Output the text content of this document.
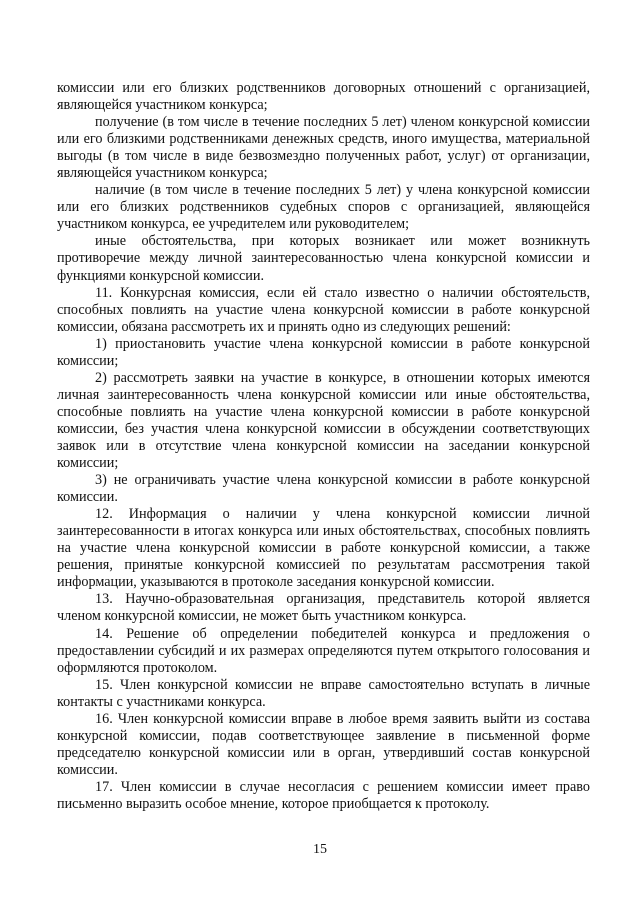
комиссии или его близких родственников договорных отношений с организацией, являющейся участником конкурса;

получение (в том числе в течение последних 5 лет) членом конкурсной комиссии или его близкими родственниками денежных средств, иного имущества, материальной выгоды (в том числе в виде безвозмездно полученных работ, услуг) от организации, являющейся участником конкурса;

наличие (в том числе в течение последних 5 лет) у члена конкурсной комиссии или его близких родственников судебных споров с организацией, являющейся участником конкурса, ее учредителем или руководителем;

иные обстоятельства, при которых возникает или может возникнуть противоречие между личной заинтересованностью члена конкурсной комиссии и функциями конкурсной комиссии.

11. Конкурсная комиссия, если ей стало известно о наличии обстоятельств, способных повлиять на участие члена конкурсной комиссии в работе конкурсной комиссии, обязана рассмотреть их и принять одно из следующих решений:

1) приостановить участие члена конкурсной комиссии в работе конкурсной комиссии;

2) рассмотреть заявки на участие в конкурсе, в отношении которых имеются личная заинтересованность члена конкурсной комиссии или иные обстоятельства, способные повлиять на участие члена конкурсной комиссии в работе конкурсной комиссии, без участия члена конкурсной комиссии в обсуждении соответствующих заявок или в отсутствие члена конкурсной комиссии на заседании конкурсной комиссии;

3) не ограничивать участие члена конкурсной комиссии в работе конкурсной комиссии.

12. Информация о наличии у члена конкурсной комиссии личной заинтересованности в итогах конкурса или иных обстоятельствах, способных повлиять на участие члена конкурсной комиссии в работе конкурсной комиссии, а также решения, принятые конкурсной комиссией по результатам рассмотрения такой информации, указываются в протоколе заседания конкурсной комиссии.

13. Научно-образовательная организация, представитель которой является членом конкурсной комиссии, не может быть участником конкурса.

14. Решение об определении победителей конкурса и предложения о предоставлении субсидий и их размерах определяются путем открытого голосования и оформляются протоколом.

15. Член конкурсной комиссии не вправе самостоятельно вступать в личные контакты с участниками конкурса.

16. Член конкурсной комиссии вправе в любое время заявить выйти из состава конкурсной комиссии, подав соответствующее заявление в письменной форме председателю конкурсной комиссии или в орган, утвердивший состав конкурсной комиссии.

17. Член комиссии в случае несогласия с решением комиссии имеет право письменно выразить особое мнение, которое приобщается к протоколу.

15
